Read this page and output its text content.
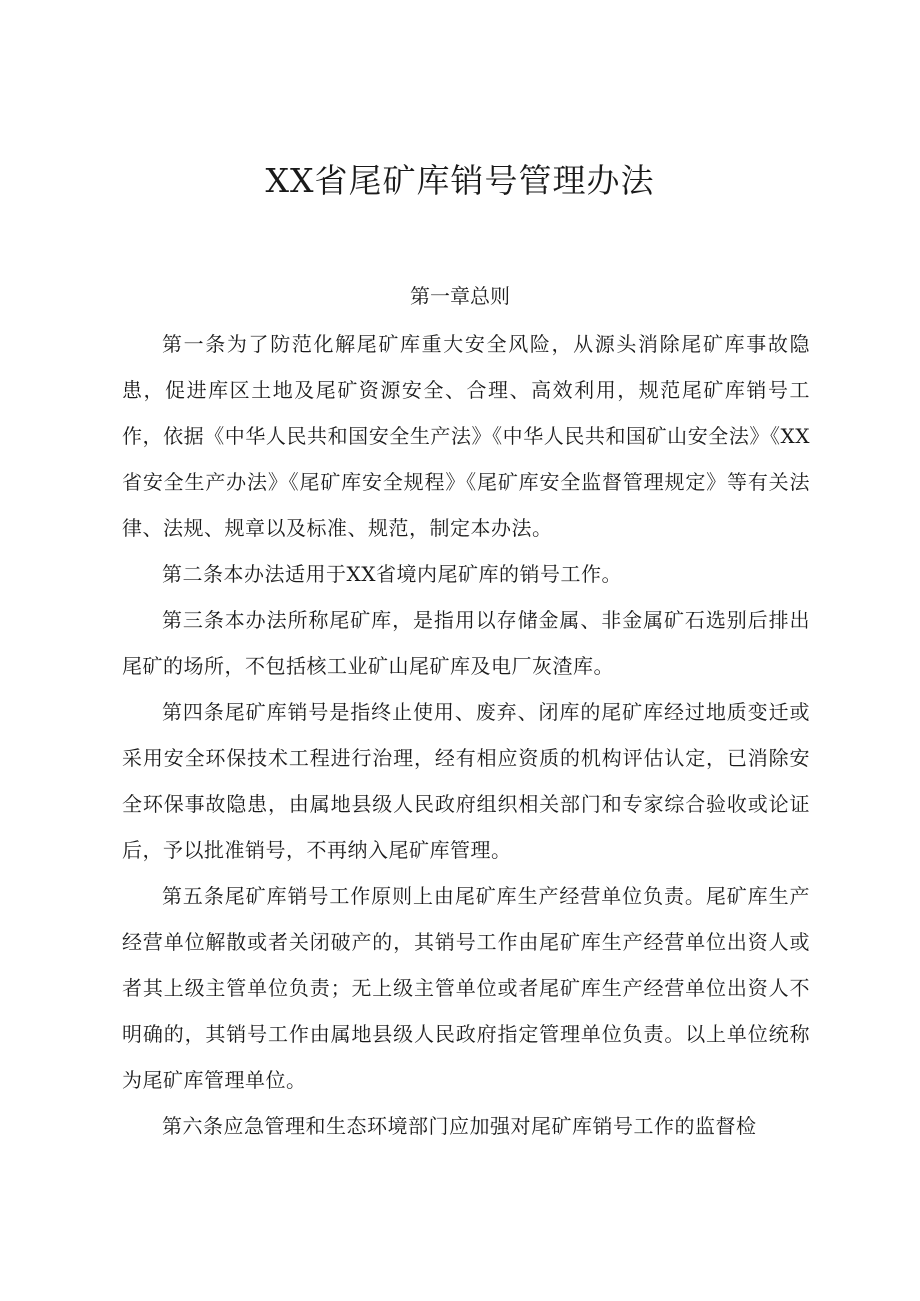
XX省尾矿库销号管理办法
第一章总则

第一条为了防范化解尾矿库重大安全风险，从源头消除尾矿库事故隐患，促进库区土地及尾矿资源安全、合理、高效利用，规范尾矿库销号工作，依据《中华人民共和国安全生产法》《中华人民共和国矿山安全法》《XX省安全生产办法》《尾矿库安全规程》《尾矿库安全监督管理规定》等有关法律、法规、规章以及标准、规范，制定本办法。

第二条本办法适用于XX省境内尾矿库的销号工作。

第三条本办法所称尾矿库，是指用以存储金属、非金属矿石选别后排出尾矿的场所，不包括核工业矿山尾矿库及电厂灰渣库。

第四条尾矿库销号是指终止使用、废弃、闭库的尾矿库经过地质变迁或采用安全环保技术工程进行治理，经有相应资质的机构评估认定，已消除安全环保事故隐患，由属地县级人民政府组织相关部门和专家综合验收或论证后，予以批准销号，不再纳入尾矿库管理。

第五条尾矿库销号工作原则上由尾矿库生产经营单位负责。尾矿库生产经营单位解散或者关闭破产的，其销号工作由尾矿库生产经营单位出资人或者其上级主管单位负责；无上级主管单位或者尾矿库生产经营单位出资人不明确的，其销号工作由属地县级人民政府指定管理单位负责。以上单位统称为尾矿库管理单位。

第六条应急管理和生态环境部门应加强对尾矿库销号工作的监督检
